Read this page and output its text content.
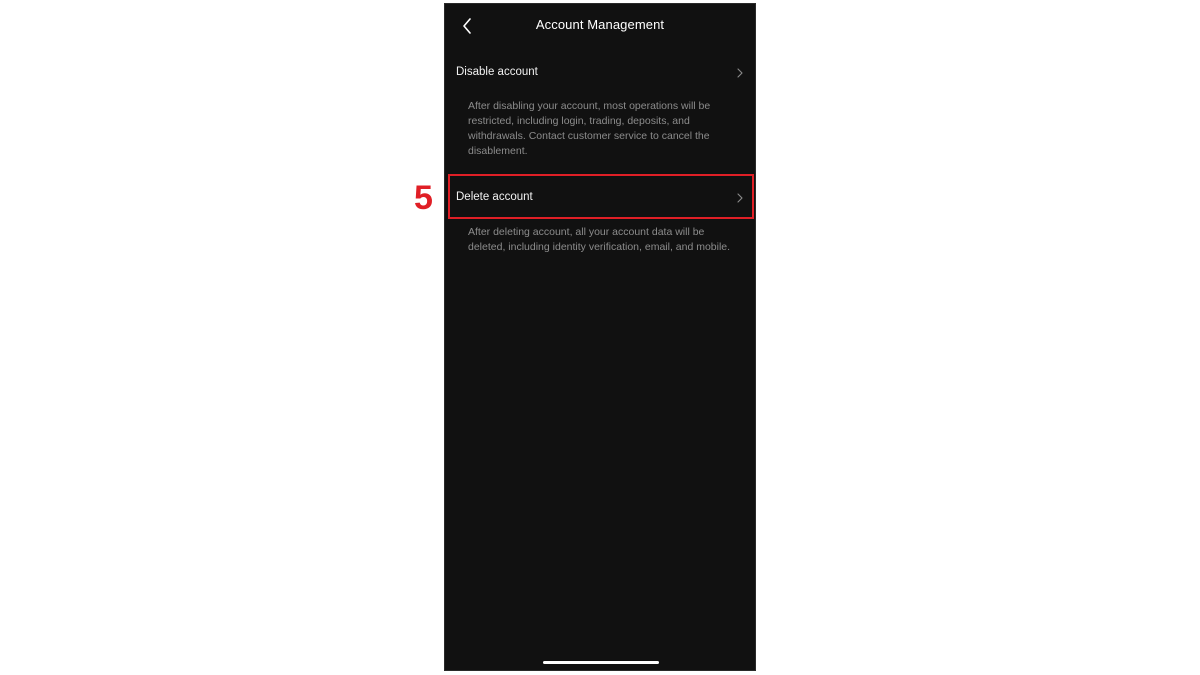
Account Management
Disable account
After disabling your account, most operations will be restricted, including login, trading, deposits, and withdrawals. Contact customer service to cancel the disablement.
Delete account
After deleting account, all your account data will be deleted, including identity verification, email, and mobile.
5
